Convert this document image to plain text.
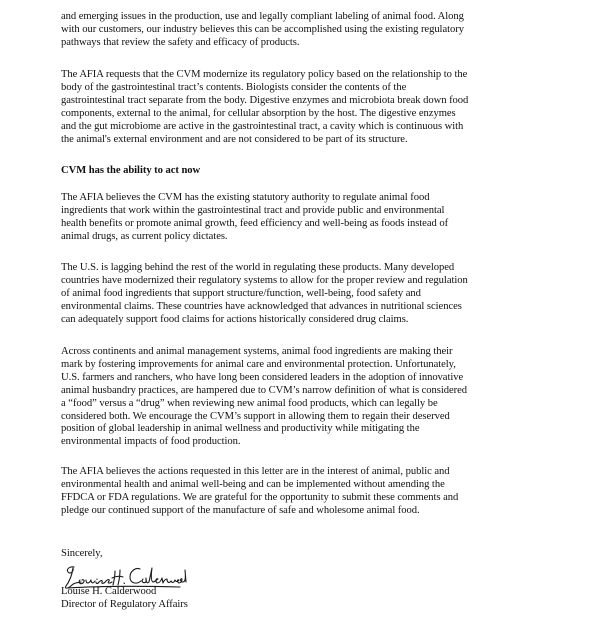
and emerging issues in the production, use and legally compliant labeling of animal food. Along
with our customers, our industry believes this can be accomplished using the existing regulatory
pathways that review the safety and efficacy of products.
The AFIA requests that the CVM modernize its regulatory policy based on the relationship to the
body of the gastrointestinal tract’s contents. Biologists consider the contents of the
gastrointestinal tract separate from the body. Digestive enzymes and microbiota break down food
components, external to the animal, for cellular absorption by the host. The digestive enzymes
and the gut microbiome are active in the gastrointestinal tract, a cavity which is continuous with
the animal's external environment and are not considered to be part of its structure.
CVM has the ability to act now
The AFIA believes the CVM has the existing statutory authority to regulate animal food
ingredients that work within the gastrointestinal tract and provide public and environmental
health benefits or promote animal growth, feed efficiency and well-being as foods instead of
animal drugs, as current policy dictates.
The U.S. is lagging behind the rest of the world in regulating these products. Many developed
countries have modernized their regulatory systems to allow for the proper review and regulation
of animal food ingredients that support structure/function, well-being, food safety and
environmental claims. These countries have acknowledged that advances in nutritional sciences
can adequately support food claims for actions historically considered drug claims.
Across continents and animal management systems, animal food ingredients are making their
mark by fostering improvements for animal care and environmental protection. Unfortunately,
U.S. farmers and ranchers, who have long been considered leaders in the adoption of innovative
animal husbandry practices, are hampered due to CVM’s narrow definition of what is considered
a “food” versus a “drug” when reviewing new animal food products, which can legally be
considered both. We encourage the CVM’s support in allowing them to regain their deserved
position of global leadership in animal wellness and productivity while mitigating the
environmental impacts of food production.
The AFIA believes the actions requested in this letter are in the interest of animal, public and
environmental health and animal well-being and can be implemented without amending the
FFDCA or FDA regulations. We are grateful for the opportunity to submit these comments and
pledge our continued support of the manufacture of safe and wholesome animal food.
Sincerely,
Louise H. Calderwood
Director of Regulatory Affairs
